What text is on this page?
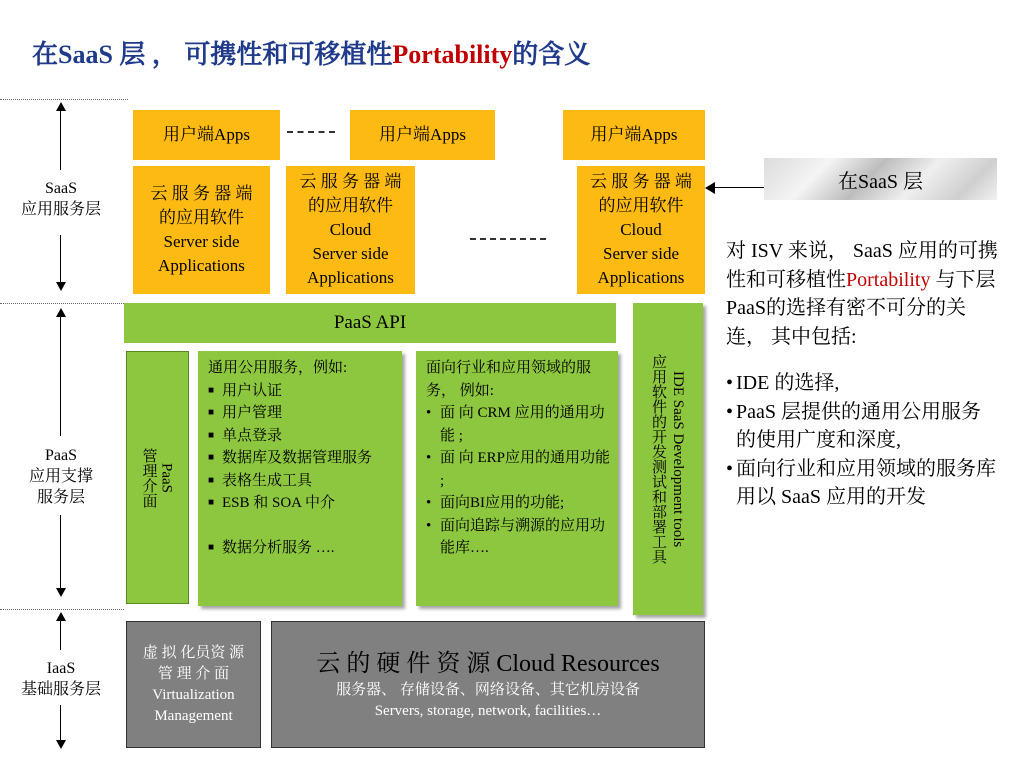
在SaaS 层 ， 可携性和可移植性Portability的含义
SaaS
应用服务层
PaaS
应用支撑
服务层
IaaS
基础服务层
用户端Apps	用户端Apps	用户端Apps
云 服 务 器 端
的应用软件
Server side
Applications
云 服 务 器 端
的应用软件
Cloud
Server side
Applications
云 服 务 器 端
的应用软件
Cloud
Server side
Applications
PaaS API
PaaS
管理介面
通用公用服务，例如:
■ 用户认证
■ 用户管理
■ 单点登录
■ 数据库及数据管理服务
■ 表格生成工具
■ ESB 和 SOA 中介
■ 数据分析服务 ….
面向行业和应用领域的服务， 例如:
• 面 向 CRM 应用的通用功能 ;
• 面 向 ERP应用的通用功能 ;
• 面向BI应用的功能;
• 面向追踪与溯源的应用功能库….
IDE SaaS Development tools
应用软件的开发测试和部署工具
虚 拟 化员资 源
管 理 介 面
Virtualization
Management
云 的 硬 件 资 源 Cloud Resources
服务器、 存储设备、网络设备、其它机房设备
Servers, storage, network, facilities…
在SaaS 层
对 ISV 来说， SaaS 应用的可携性和可移植性Portability 与下层PaaS的选择有密不可分的关连， 其中包括:
• IDE 的选择,
• PaaS 层提供的通用公用服务的使用广度和深度,
• 面向行业和应用领域的服务库用以 SaaS 应用的开发
